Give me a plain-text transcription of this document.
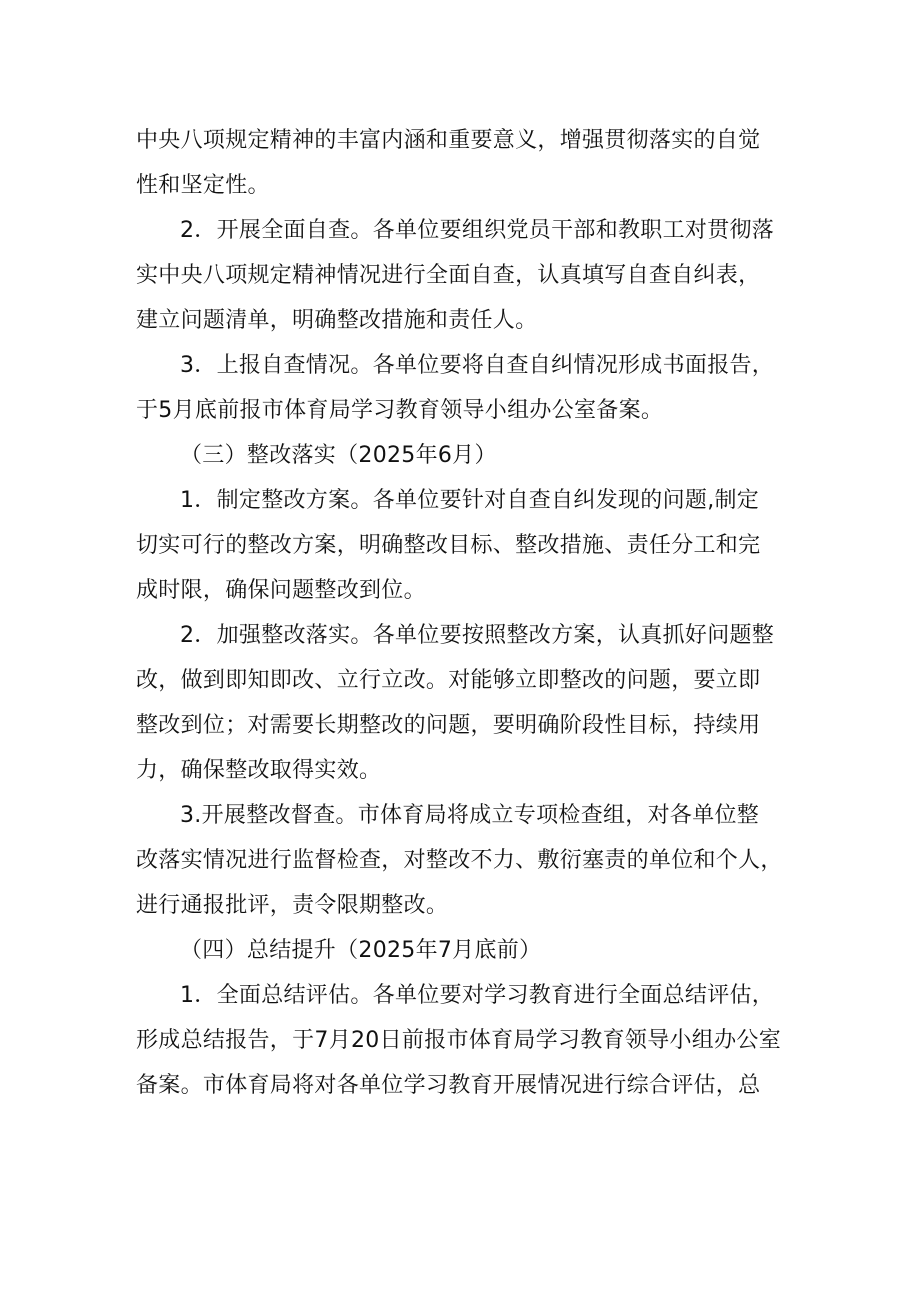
中央八项规定精神的丰富内涵和重要意义，增强贯彻落实的自觉
性和坚定性。

2．开展全面自查。各单位要组织党员干部和教职工对贯彻落
实中央八项规定精神情况进行全面自查，认真填写自查自纠表，
建立问题清单，明确整改措施和责任人。

3．上报自查情况。各单位要将自查自纠情况形成书面报告，
于5月底前报市体育局学习教育领导小组办公室备案。

（三）整改落实（2025年6月）

1．制定整改方案。各单位要针对自查自纠发现的问题,制定
切实可行的整改方案，明确整改目标、整改措施、责任分工和完
成时限，确保问题整改到位。

2．加强整改落实。各单位要按照整改方案，认真抓好问题整
改，做到即知即改、立行立改。对能够立即整改的问题，要立即
整改到位；对需要长期整改的问题，要明确阶段性目标，持续用
力，确保整改取得实效。

3.开展整改督查。市体育局将成立专项检查组，对各单位整
改落实情况进行监督检查，对整改不力、敷衍塞责的单位和个人，
进行通报批评，责令限期整改。

（四）总结提升（2025年7月底前）

1．全面总结评估。各单位要对学习教育进行全面总结评估，
形成总结报告，于7月20日前报市体育局学习教育领导小组办公室
备案。市体育局将对各单位学习教育开展情况进行综合评估，总
